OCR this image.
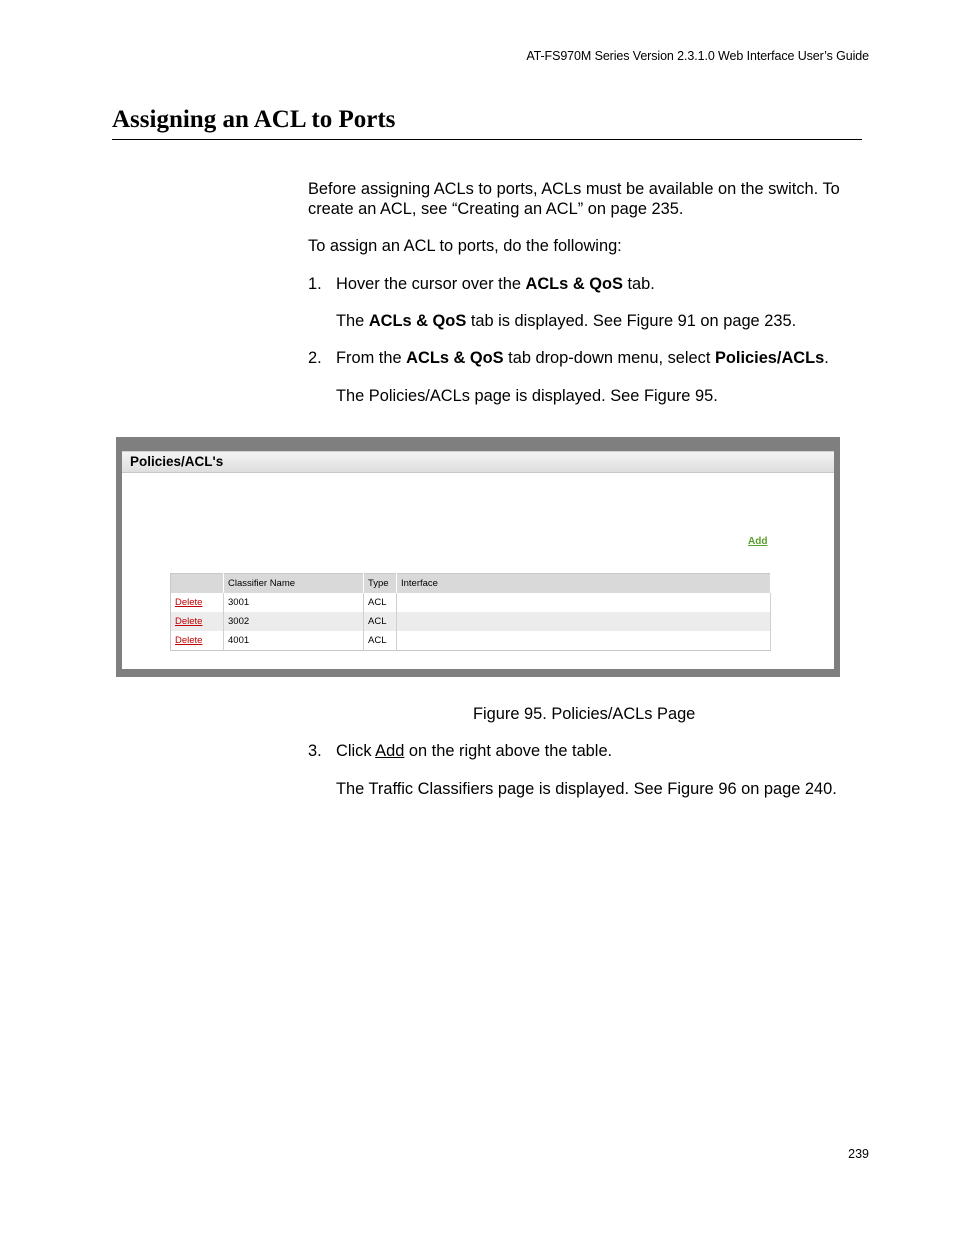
AT-FS970M Series Version 2.3.1.0 Web Interface User’s Guide
Assigning an ACL to Ports

Before assigning ACLs to ports, ACLs must be available on the switch. To create an ACL, see “Creating an ACL” on page 235.

To assign an ACL to ports, do the following:

1. Hover the cursor over the ACLs & QoS tab.

The ACLs & QoS tab is displayed. See Figure 91 on page 235.

2. From the ACLs & QoS tab drop-down menu, select Policies/ACLs.

The Policies/ACLs page is displayed. See Figure 95.

Policies/ACL's
Add
	Classifier Name	Type	Interface
Delete	3001	ACL	
Delete	3002	ACL	
Delete	4001	ACL	
Figure 95. Policies/ACLs Page
3. Click Add on the right above the table.

The Traffic Classifiers page is displayed. See Figure 96 on page 240.

239
